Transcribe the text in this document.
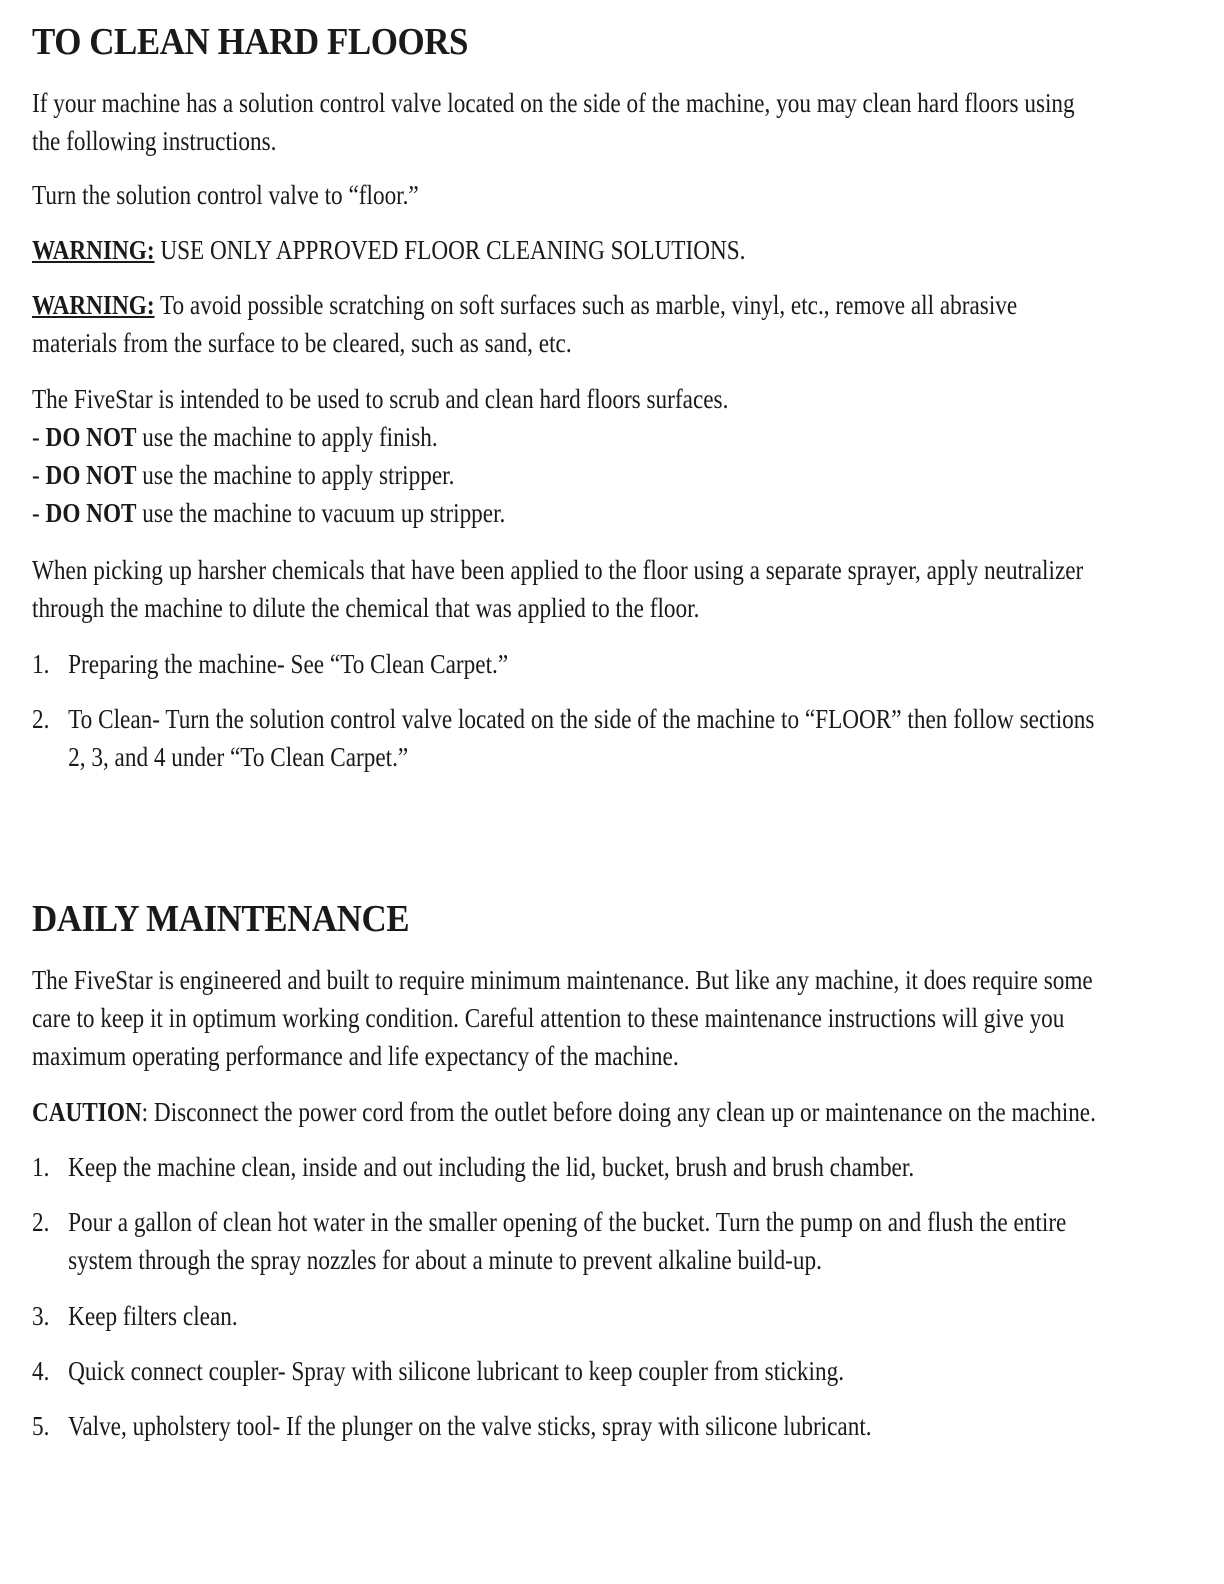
TO CLEAN HARD FLOORS

If your machine has a solution control valve located on the side of the machine, you may clean hard floors using
the following instructions.

Turn the solution control valve to “floor.”

WARNING: USE ONLY APPROVED FLOOR CLEANING SOLUTIONS.

WARNING: To avoid possible scratching on soft surfaces such as marble, vinyl, etc., remove all abrasive
materials from the surface to be cleared, such as sand, etc.

The FiveStar is intended to be used to scrub and clean hard floors surfaces.
- DO NOT use the machine to apply finish.
- DO NOT use the machine to apply stripper.
- DO NOT use the machine to vacuum up stripper.

When picking up harsher chemicals that have been applied to the floor using a separate sprayer, apply neutralizer
through the machine to dilute the chemical that was applied to the floor.

1. Preparing the machine- See “To Clean Carpet.”
2. To Clean- Turn the solution control valve located on the side of the machine to “FLOOR” then follow sections
2, 3, and 4 under “To Clean Carpet.”
DAILY MAINTENANCE

The FiveStar is engineered and built to require minimum maintenance. But like any machine, it does require some
care to keep it in optimum working condition. Careful attention to these maintenance instructions will give you
maximum operating performance and life expectancy of the machine.

CAUTION: Disconnect the power cord from the outlet before doing any clean up or maintenance on the machine.

1. Keep the machine clean, inside and out including the lid, bucket, brush and brush chamber.
2. Pour a gallon of clean hot water in the smaller opening of the bucket. Turn the pump on and flush the entire
system through the spray nozzles for about a minute to prevent alkaline build-up.
3. Keep filters clean.
4. Quick connect coupler- Spray with silicone lubricant to keep coupler from sticking.
5. Valve, upholstery tool- If the plunger on the valve sticks, spray with silicone lubricant.
